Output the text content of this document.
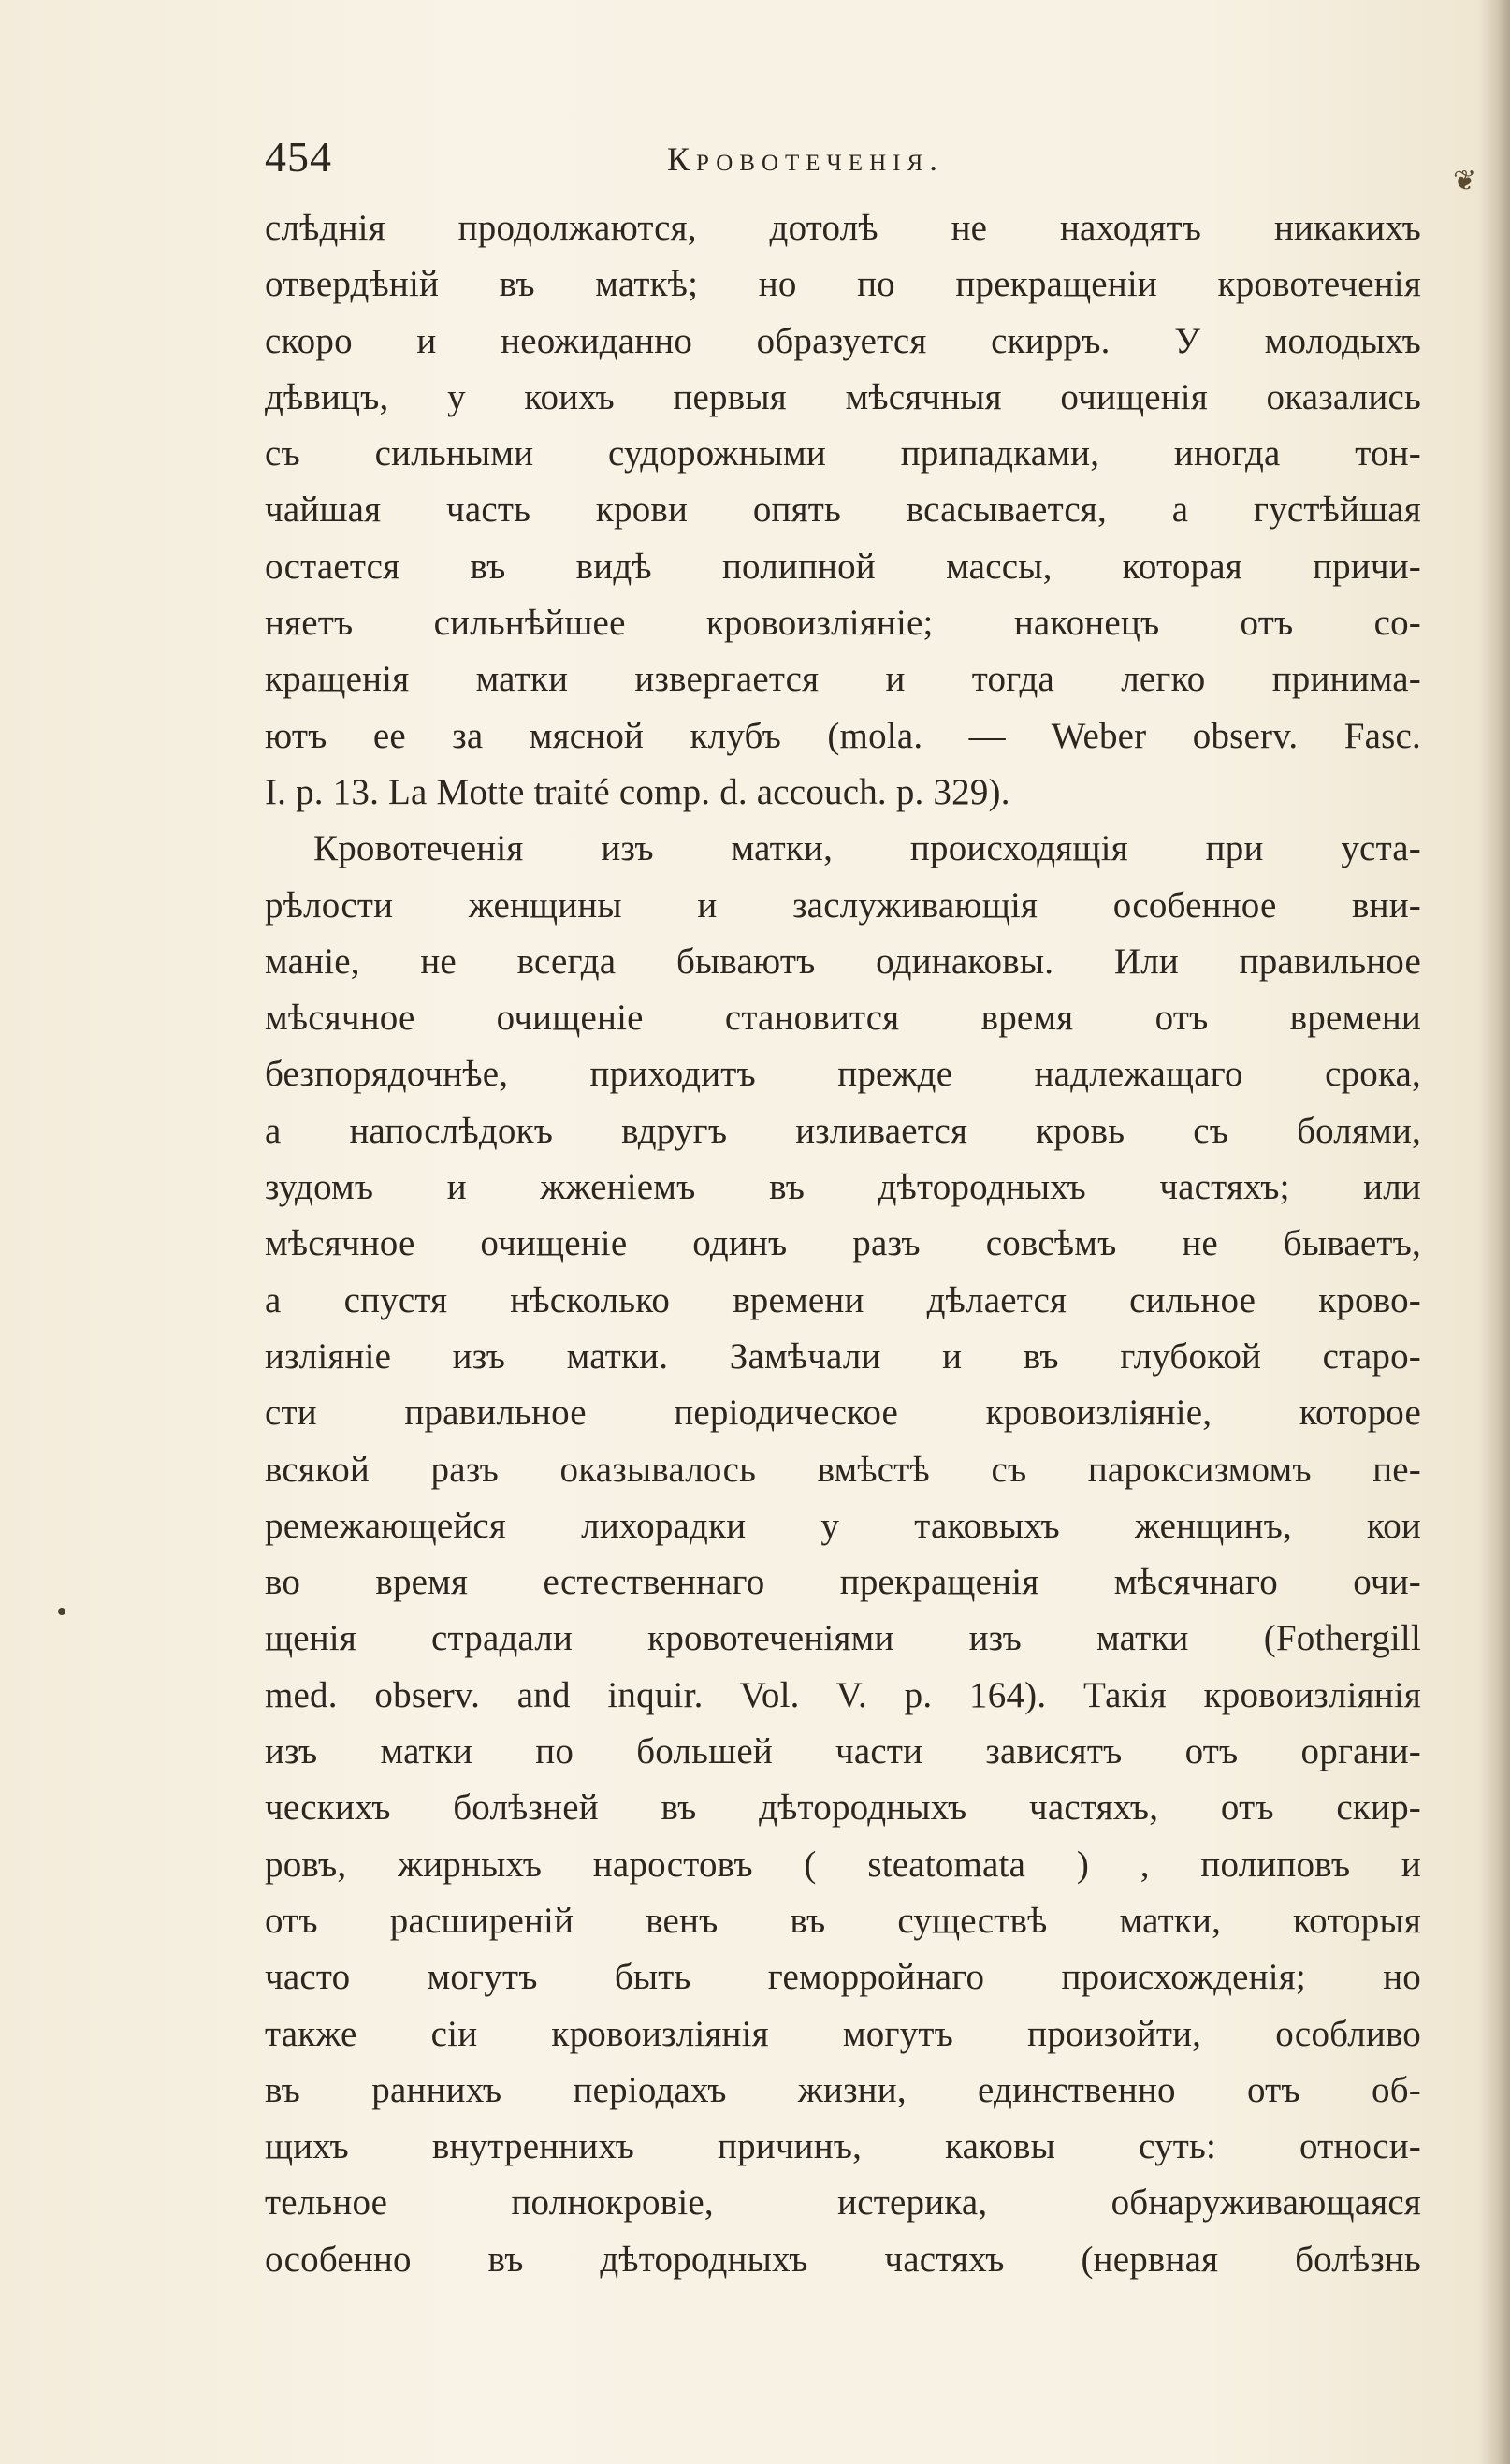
❦
454	Кровотеченія.
слѣднія продолжаются, дотолѣ не находятъ никакихъ
отвердѣній въ маткѣ; но по прекращеніи кровотеченія
скоро и неожиданно образуется скирръ. У молодыхъ
дѣвицъ, у коихъ первыя мѣсячныя очищенія оказались
съ сильными судорожными припадками, иногда тон-
чайшая часть крови опять всасывается, а густѣйшая
остается въ видѣ полипной массы, которая причи-
няетъ сильнѣйшее кровоизліяніе; наконецъ отъ со-
кращенія матки извергается и тогда легко принима-
ютъ ее за мясной клубъ (mola. — Weber observ. Fasc.
I. p. 13. La Motte traité comp. d. accouch. p. 329).
Кровотеченія изъ матки, происходящія при уста-
рѣлости женщины и заслуживающія особенное вни-
маніе, не всегда бываютъ одинаковы. Или правильное
мѣсячное очищеніе становится время отъ времени
безпорядочнѣе, приходитъ прежде надлежащаго срока,
а напослѣдокъ вдругъ изливается кровь съ болями,
зудомъ и жженіемъ въ дѣтородныхъ частяхъ; или
мѣсячное очищеніе одинъ разъ совсѣмъ не бываетъ,
а спустя нѣсколько времени дѣлается сильное крово-
изліяніе изъ матки. Замѣчали и въ глубокой старо-
сти правильное періодическое кровоизліяніе, которое
всякой разъ оказывалось вмѣстѣ съ пароксизмомъ пе-
ремежающейся лихорадки у таковыхъ женщинъ, кои
во время естественнаго прекращенія мѣсячнаго очи-
щенія страдали кровотеченіями изъ матки (Fothergill
med. observ. and inquir. Vol. V. p. 164). Такія кровоизліянія
изъ матки по большей части зависятъ отъ органи-
ческихъ болѣзней въ дѣтородныхъ частяхъ, отъ скир-
ровъ, жирныхъ наростовъ ( steatomata ) , полиповъ и
отъ расширеній венъ въ существѣ матки, которыя
часто могутъ быть геморройнаго происхожденія; но
также сіи кровоизліянія могутъ произойти, особливо
въ раннихъ періодахъ жизни, единственно отъ об-
щихъ внутреннихъ причинъ, каковы суть: относи-
тельное полнокровіе, истерика, обнаруживающаяся
особенно въ дѣтородныхъ частяхъ (нервная болѣзнь
